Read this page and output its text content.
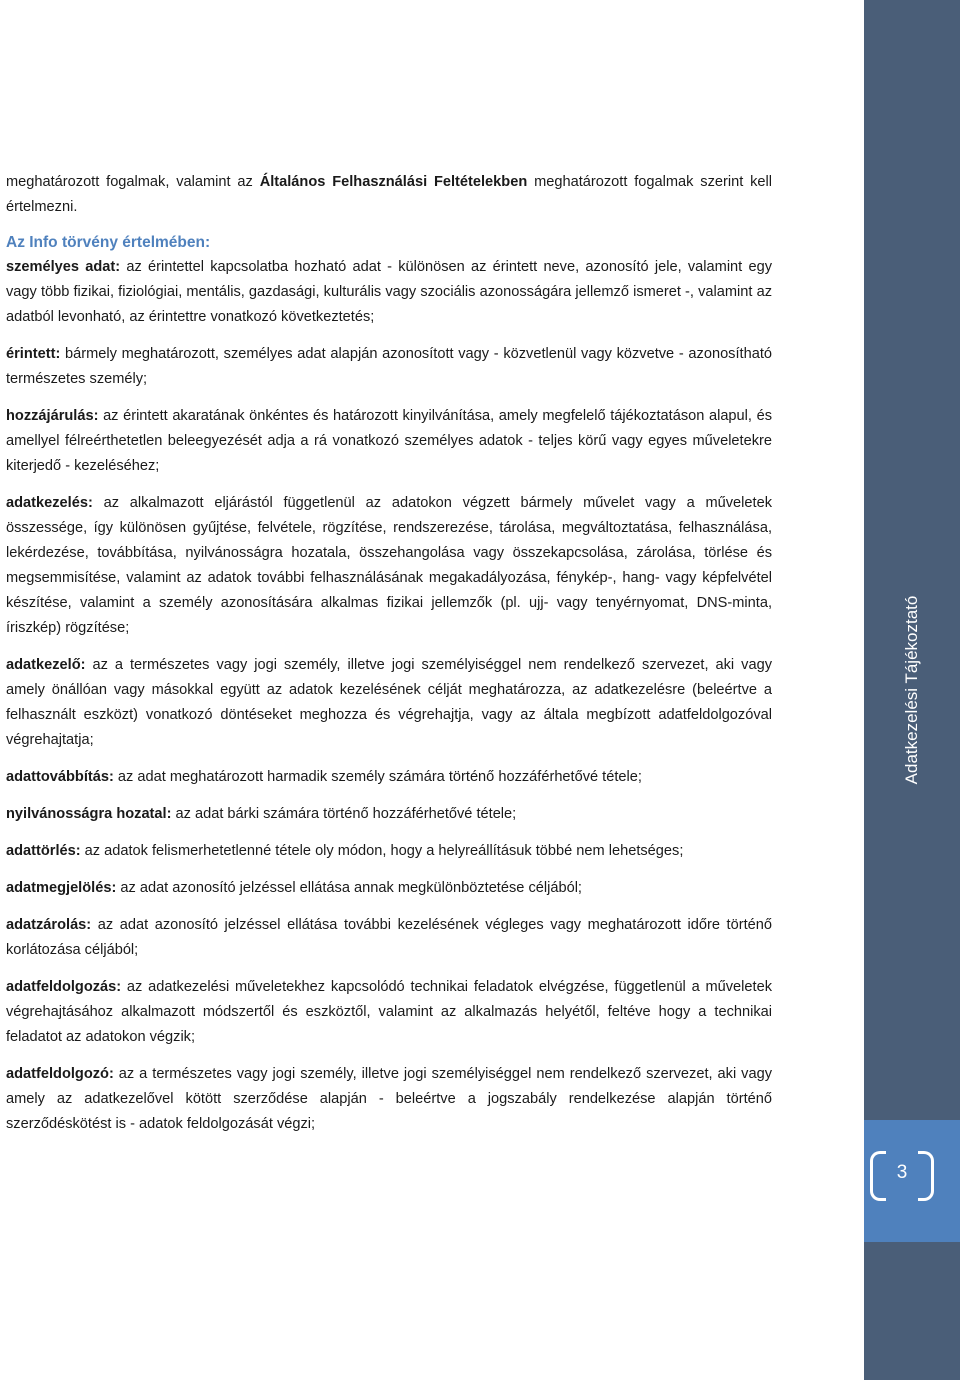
meghatározott fogalmak, valamint az Általános Felhasználási Feltételekben meghatározott fogalmak szerint kell értelmezni.

Az Info törvény értelmében:

személyes adat: az érintettel kapcsolatba hozható adat - különösen az érintett neve, azonosító jele, valamint egy vagy több fizikai, fiziológiai, mentális, gazdasági, kulturális vagy szociális azonosságára jellemző ismeret -, valamint az adatból levonható, az érintettre vonatkozó következtetés;

érintett: bármely meghatározott, személyes adat alapján azonosított vagy - közvetlenül vagy közvetve - azonosítható természetes személy;

hozzájárulás: az érintett akaratának önkéntes és határozott kinyilvánítása, amely megfelelő tájékoztatáson alapul, és amellyel félreérthetetlen beleegyezését adja a rá vonatkozó személyes adatok - teljes körű vagy egyes műveletekre kiterjedő - kezeléséhez;

adatkezelés: az alkalmazott eljárástól függetlenül az adatokon végzett bármely művelet vagy a műveletek összessége, így különösen gyűjtése, felvétele, rögzítése, rendszerezése, tárolása, megváltoztatása, felhasználása, lekérdezése, továbbítása, nyilvánosságra hozatala, összehangolása vagy összekapcsolása, zárolása, törlése és megsemmisítése, valamint az adatok további felhasználásának megakadályozása, fénykép-, hang- vagy képfelvétel készítése, valamint a személy azonosítására alkalmas fizikai jellemzők (pl. ujj- vagy tenyérnyomat, DNS-minta, íriszkép) rögzítése;

adatkezelő: az a természetes vagy jogi személy, illetve jogi személyiséggel nem rendelkező szervezet, aki vagy amely önállóan vagy másokkal együtt az adatok kezelésének célját meghatározza, az adatkezelésre (beleértve a felhasznált eszközt) vonatkozó döntéseket meghozza és végrehajtja, vagy az általa megbízott adatfeldolgozóval végrehajtatja;

adattovábbítás: az adat meghatározott harmadik személy számára történő hozzáférhetővé tétele;

nyilvánosságra hozatal: az adat bárki számára történő hozzáférhetővé tétele;

adattörlés: az adatok felismerhetetlenné tétele oly módon, hogy a helyreállításuk többé nem lehetséges;

adatmegjelölés: az adat azonosító jelzéssel ellátása annak megkülönböztetése céljából;

adatzárolás: az adat azonosító jelzéssel ellátása további kezelésének végleges vagy meghatározott időre történő korlátozása céljából;

adatfeldolgozás: az adatkezelési műveletekhez kapcsolódó technikai feladatok elvégzése, függetlenül a műveletek végrehajtásához alkalmazott módszertől és eszköztől, valamint az alkalmazás helyétől, feltéve hogy a technikai feladatot az adatokon végzik;

adatfeldolgozó: az a természetes vagy jogi személy, illetve jogi személyiséggel nem rendelkező szervezet, aki vagy amely az adatkezelővel kötött szerződése alapján - beleértve a jogszabály rendelkezése alapján történő szerződéskötést is - adatok feldolgozását végzi;

Adatkezelési Tájékoztató
3
